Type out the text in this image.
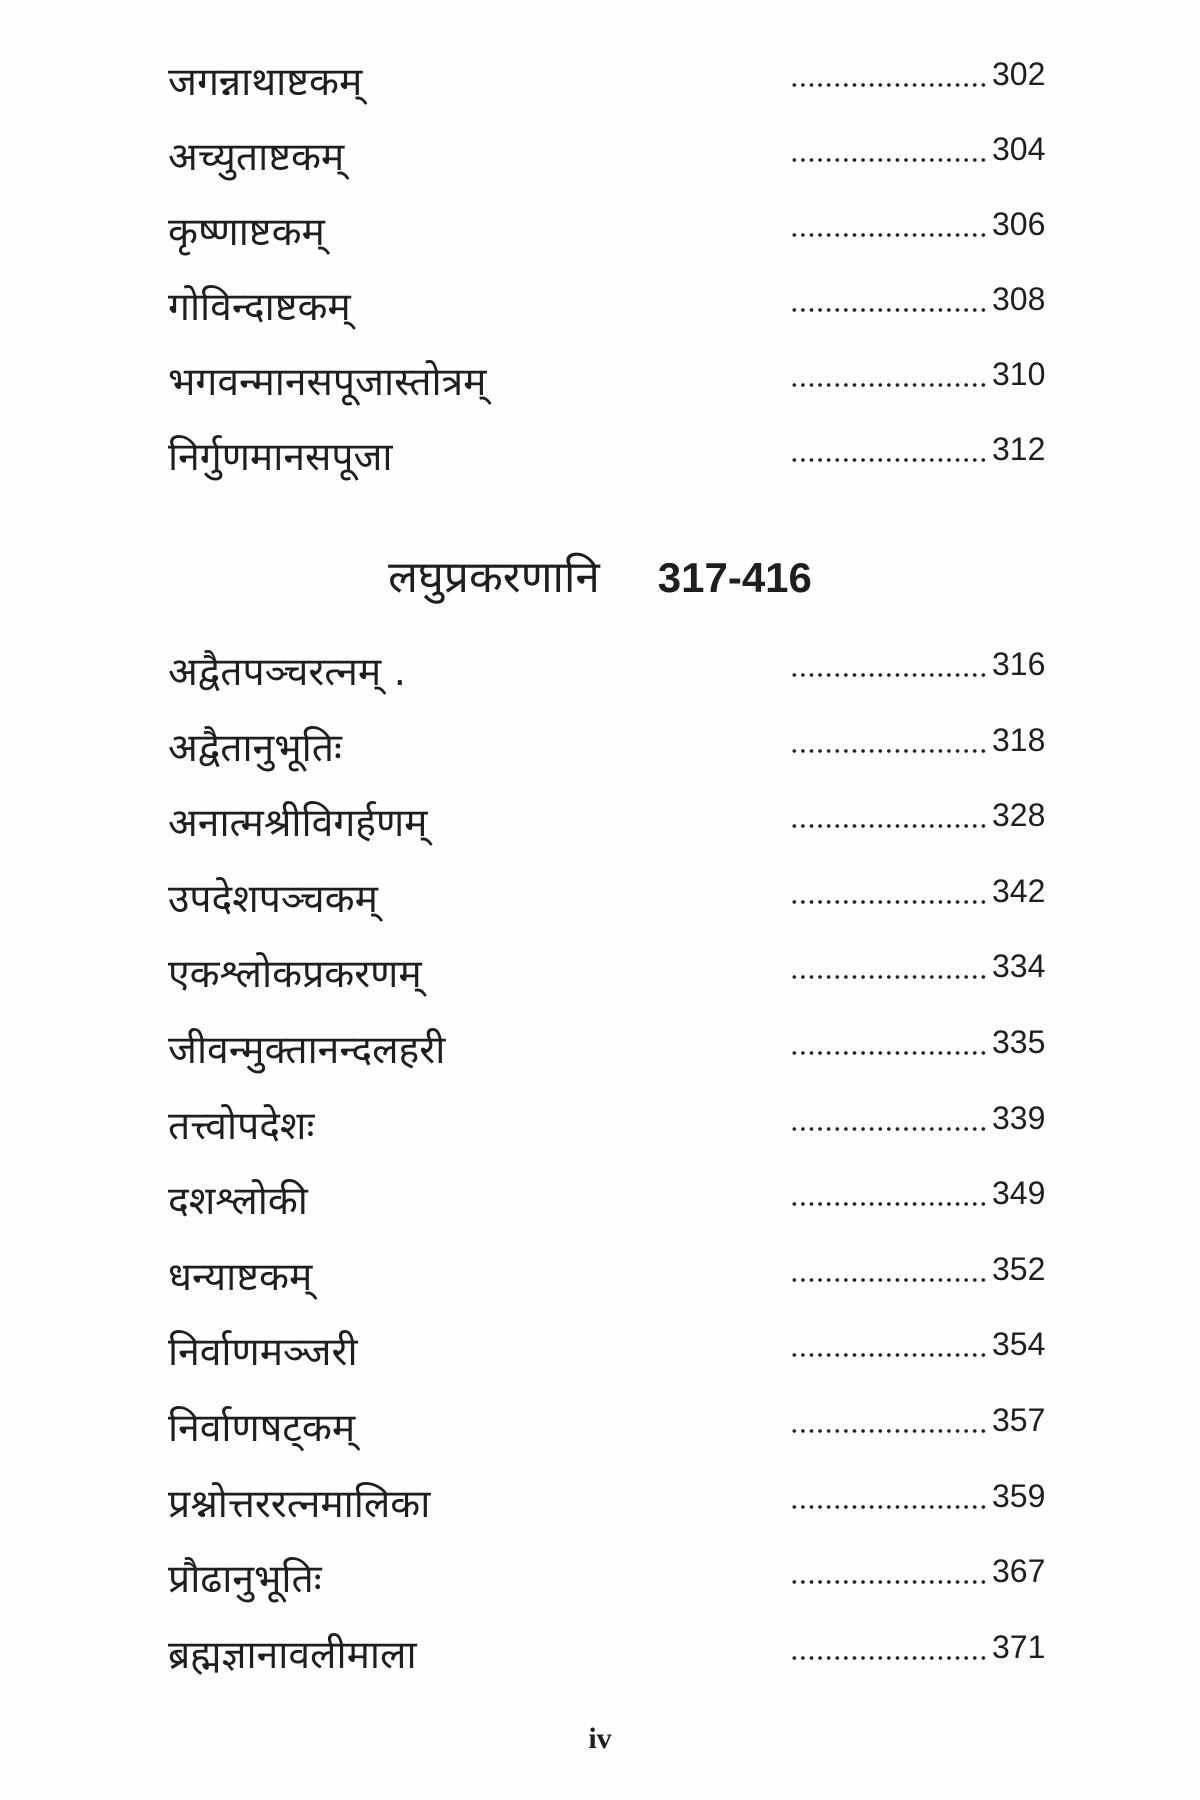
जगन्नाथाष्टकम्	302
अच्युताष्टकम्	304
कृष्णाष्टकम्	306
गोविन्दाष्टकम्	308
भगवन्मानसपूजास्तोत्रम्	310
निर्गुणमानसपूजा	312
लघुप्रकरणानि 317-416
अद्वैतपञ्चरत्नम् .	316
अद्वैतानुभूतिः	318
अनात्मश्रीविगर्हणम्	328
उपदेशपञ्चकम्	342
एकश्लोकप्रकरणम्	334
जीवन्मुक्तानन्दलहरी	335
तत्त्वोपदेशः	339
दशश्लोकी	349
धन्याष्टकम्	352
निर्वाणमञ्जरी	354
निर्वाणषट्कम्	357
प्रश्नोत्तररत्नमालिका	359
प्रौढानुभूतिः	367
ब्रह्मज्ञानावलीमाला	371
iv
